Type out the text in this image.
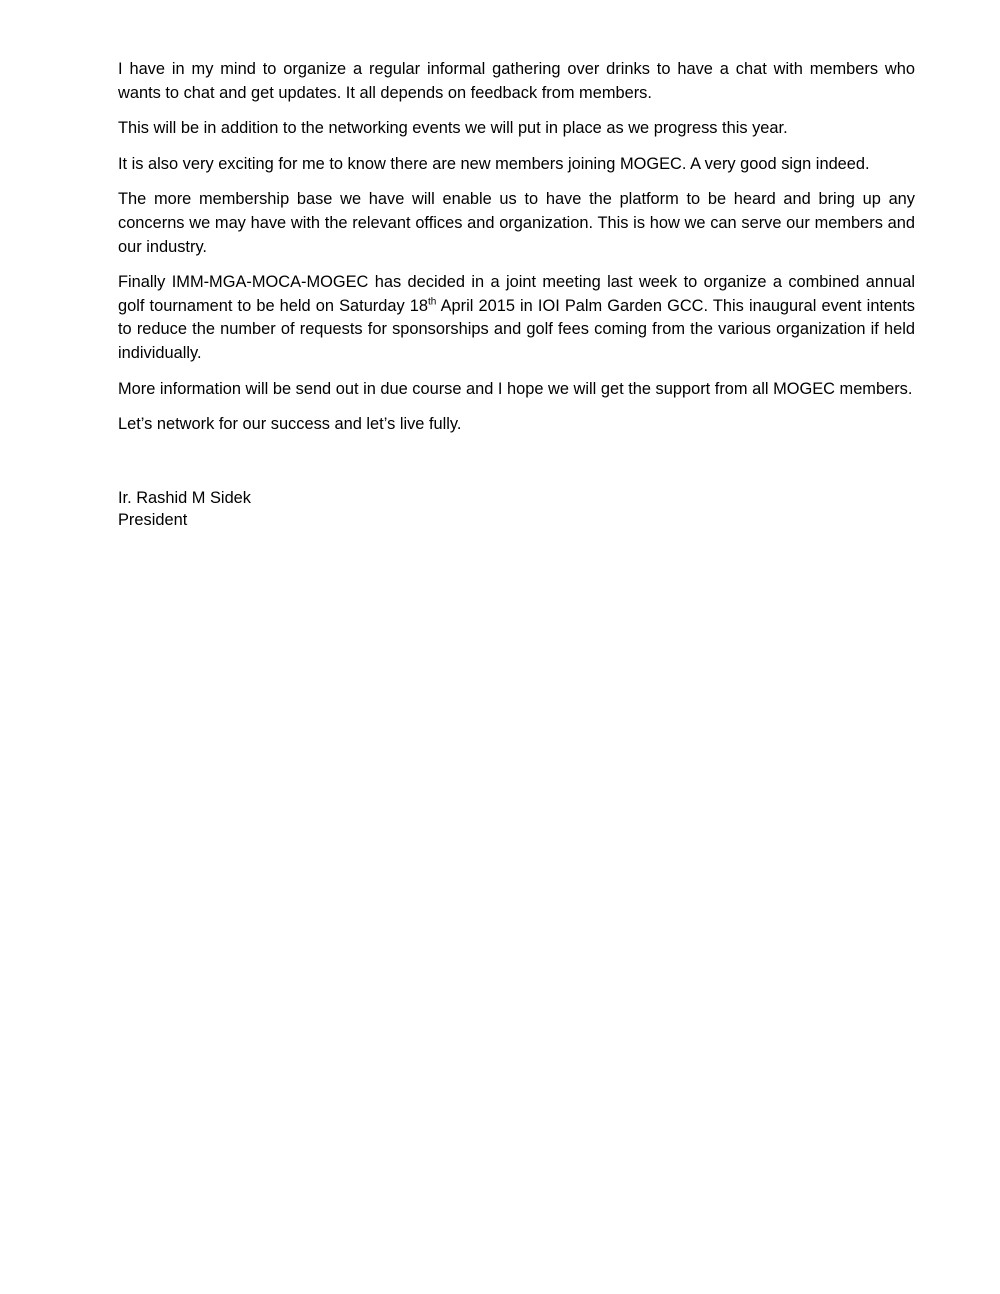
I have in my mind to organize a regular informal gathering over drinks to have a chat with members who wants to chat and get updates. It all depends on feedback from members.

This will be in addition to the networking events we will put in place as we progress this year.

It is also very exciting for me to know there are new members joining MOGEC. A very good sign indeed.

The more membership base we have will enable us to have the platform to be heard and bring up any concerns we may have with the relevant offices and organization. This is how we can serve our members and our industry.

Finally IMM-MGA-MOCA-MOGEC has decided in a joint meeting last week to organize a combined annual golf tournament to be held on Saturday 18th April 2015 in IOI Palm Garden GCC. This inaugural event intents to reduce the number of requests for sponsorships and golf fees coming from the various organization if held individually.

More information will be send out in due course and I hope we will get the support from all MOGEC members.

Let’s network for our success and let’s live fully.

Ir. Rashid M Sidek
President
